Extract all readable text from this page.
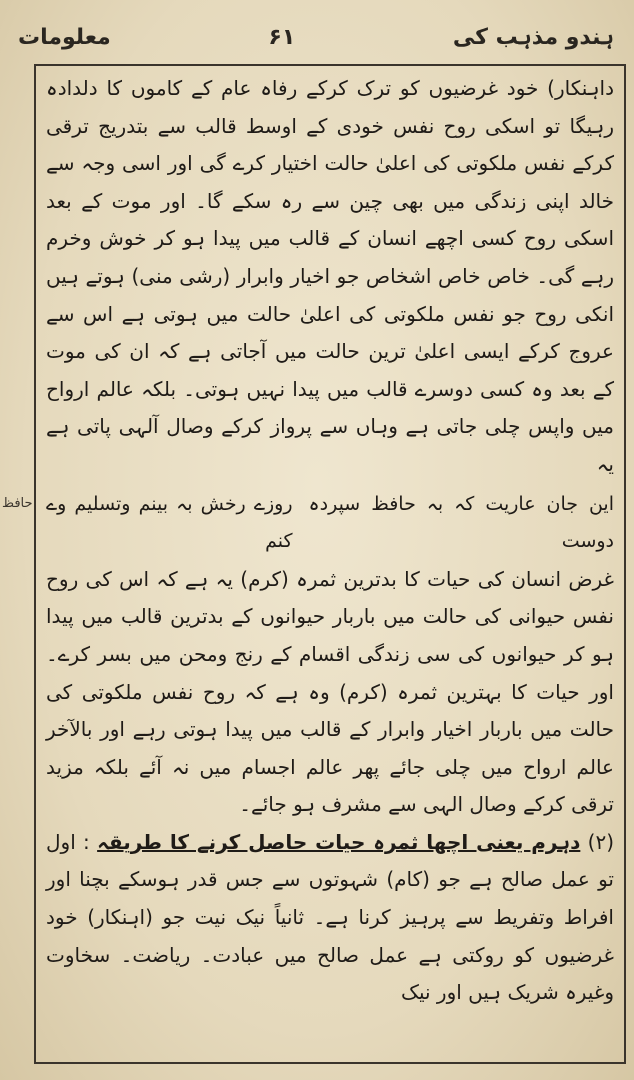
معلومات	۶۱	ہندو مذہب کی
حافظ

داہنکار) خود غرضیوں کو ترک کرکے رفاہ عام کے کاموں کا دلدادہ رہیگا تو اسکی روح نفس خودی کے اوسط قالب سے بتدریج ترقی کرکے نفس ملکوتی کی اعلیٰ حالت اختیار کرے گی اور اسی وجہ سے خالد اپنی زندگی میں بھی چین سے رہ سکے گا۔ اور موت کے بعد اسکی روح کسی اچھے انسان کے قالب میں پیدا ہو کر خوش وخرم رہے گی۔ خاص خاص اشخاص جو اخیار وابرار (رشی منی) ہوتے ہیں انکی روح جو نفس ملکوتی کی اعلیٰ حالت میں ہوتی ہے اس سے عروج کرکے ایسی اعلیٰ ترین حالت میں آجاتی ہے کہ ان کی موت کے بعد وہ کسی دوسرے قالب میں پیدا نہیں ہوتی۔ بلکہ عالم ارواح میں واپس چلی جاتی ہے وہاں سے پرواز کرکے وصال آلہی پاتی ہے یہ

این جان عاریت کہ بہ حافظ سپردہ دوست
روزے رخش بہ بینم وتسلیم وے کنم

غرض انسان کی حیات کا بدترین ثمرہ (کرم) یہ ہے کہ اس کی روح نفس حیوانی کی حالت میں باربار حیوانوں کے بدترین قالب میں پیدا ہو کر حیوانوں کی سی زندگی اقسام کے رنج ومحن میں بسر کرے۔ اور حیات کا بہترین ثمرہ (کرم) وہ ہے کہ روح نفس ملکوتی کی حالت میں باربار اخیار وابرار کے قالب میں پیدا ہوتی رہے اور بالآخر عالم ارواح میں چلی جائے پھر عالم اجسام میں نہ آئے بلکہ مزید ترقی کرکے وصال الہی سے مشرف ہو جائے۔

(۲) دہرم یعنی اچھا ثمرہ حیات حاصل کرنے کا طریقہ : اول تو عمل صالح ہے جو (کام) شہوتوں سے جس قدر ہوسکے بچنا اور افراط وتفریط سے پرہیز کرنا ہے۔ ثانیاً نیک نیت جو (اہنکار) خود غرضیوں کو روکتی ہے عمل صالح میں عبادت۔ ریاضت۔ سخاوت وغیرہ شریک ہیں اور نیک
